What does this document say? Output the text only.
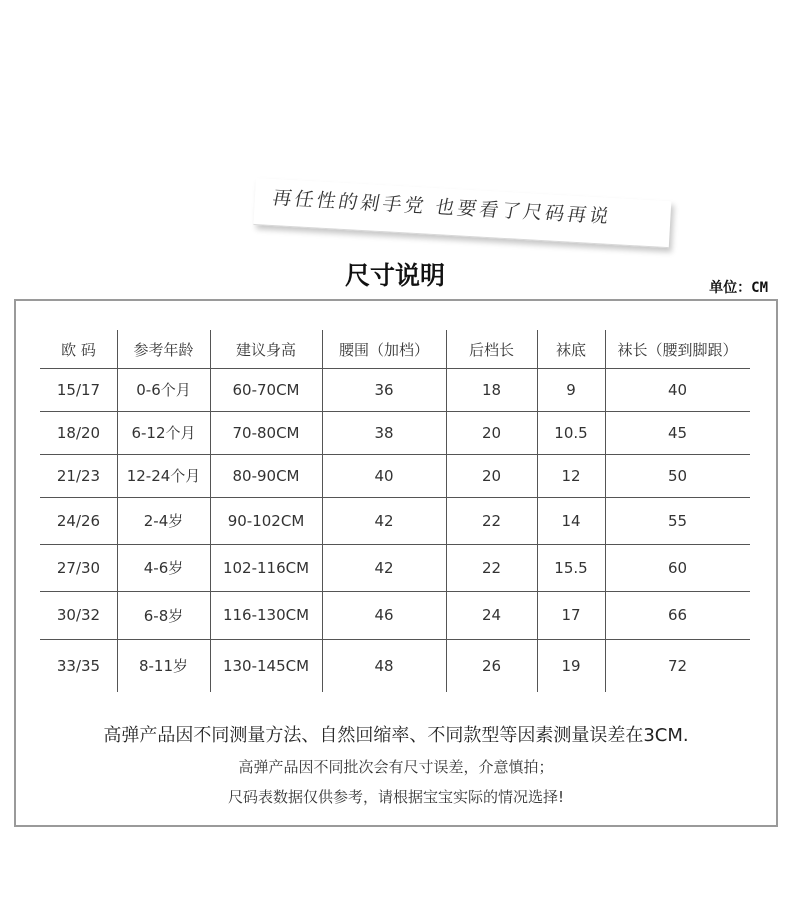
再任性的剁手党 也要看了尺码再说
尺寸说明	单位：CM
欧 码	参考年龄	建议身高	腰围（加档）	后档长	袜底	袜长（腰到脚跟）
15/17	0-6个月	60-70CM	36	18	9	40
18/20	6-12个月	70-80CM	38	20	10.5	45
21/23	12-24个月	80-90CM	40	20	12	50
24/26	2-4岁	90-102CM	42	22	14	55
27/30	4-6岁	102-116CM	42	22	15.5	60
30/32	6-8岁	116-130CM	46	24	17	66
33/35	8-11岁	130-145CM	48	26	19	72
高弹产品因不同测量方法、自然回缩率、不同款型等因素测量误差在3CM.
高弹产品因不同批次会有尺寸误差，介意慎拍；
尺码表数据仅供参考，请根据宝宝实际的情况选择!
